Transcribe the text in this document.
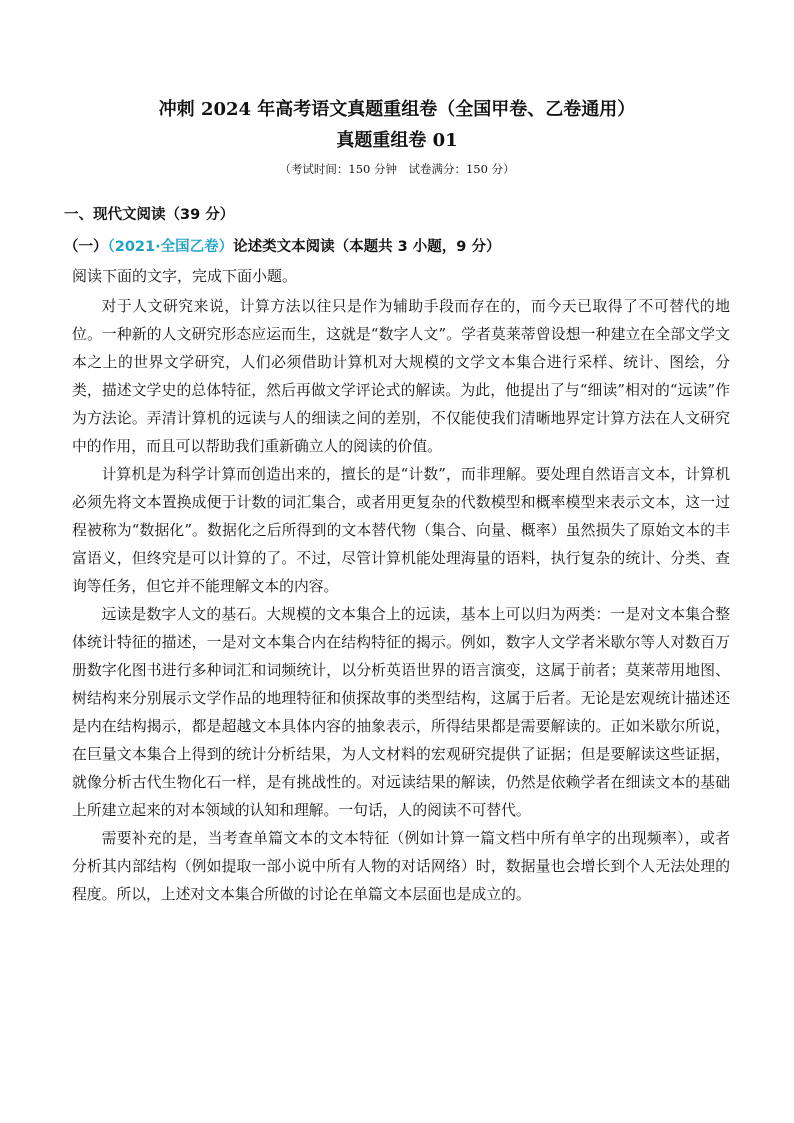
冲刺 2024 年高考语文真题重组卷（全国甲卷、乙卷通用）
真题重组卷 01
（考试时间：150 分钟　试卷满分：150 分）
一、现代文阅读（39 分）
（一）（2021·全国乙卷）论述类文本阅读（本题共 3 小题，9 分）
阅读下面的文字，完成下面小题。

对于人文研究来说，计算方法以往只是作为辅助手段而存在的，而今天已取得了不可替代的地位。一种新的人文研究形态应运而生，这就是“数字人文”。学者莫莱蒂曾设想一种建立在全部文学文本之上的世界文学研究，人们必须借助计算机对大规模的文学文本集合进行采样、统计、图绘，分类，描述文学史的总体特征，然后再做文学评论式的解读。为此，他提出了与“细读”相对的“远读”作为方法论。弄清计算机的远读与人的细读之间的差别，不仅能使我们清晰地界定计算方法在人文研究中的作用，而且可以帮助我们重新确立人的阅读的价值。

计算机是为科学计算而创造出来的，擅长的是“计数”，而非理解。要处理自然语言文本，计算机必须先将文本置换成便于计数的词汇集合，或者用更复杂的代数模型和概率模型来表示文本，这一过程被称为“数据化”。数据化之后所得到的文本替代物（集合、向量、概率）虽然损失了原始文本的丰富语义，但终究是可以计算的了。不过，尽管计算机能处理海量的语料，执行复杂的统计、分类、查询等任务，但它并不能理解文本的内容。

远读是数字人文的基石。大规模的文本集合上的远读，基本上可以归为两类：一是对文本集合整体统计特征的描述，一是对文本集合内在结构特征的揭示。例如，数字人文学者米歇尔等人对数百万册数字化图书进行多种词汇和词频统计，以分析英语世界的语言演变，这属于前者；莫莱蒂用地图、树结构来分别展示文学作品的地理特征和侦探故事的类型结构，这属于后者。无论是宏观统计描述还是内在结构揭示，都是超越文本具体内容的抽象表示，所得结果都是需要解读的。正如米歇尔所说，在巨量文本集合上得到的统计分析结果，为人文材料的宏观研究提供了证据；但是要解读这些证据，就像分析古代生物化石一样，是有挑战性的。对远读结果的解读，仍然是依赖学者在细读文本的基础上所建立起来的对本领域的认知和理解。一句话，人的阅读不可替代。

需要补充的是，当考查单篇文本的文本特征（例如计算一篇文档中所有单字的出现频率），或者分析其内部结构（例如提取一部小说中所有人物的对话网络）时，数据量也会增长到个人无法处理的程度。所以，上述对文本集合所做的讨论在单篇文本层面也是成立的。
